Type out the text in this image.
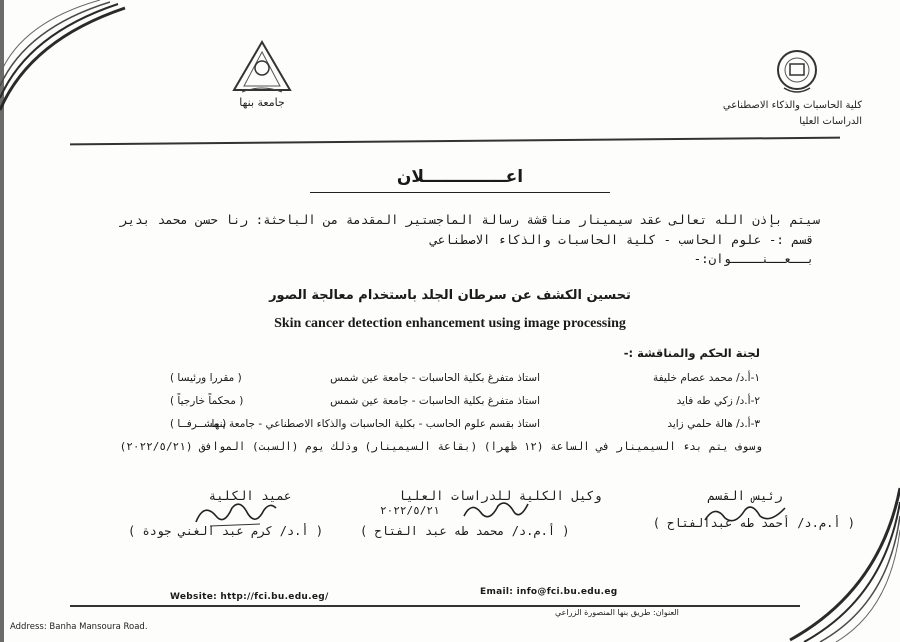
جامعة بنها	كلية الحاسبات والذكاء الاصطناعي
الدراسات العليا
اعــــــــــــــلان
سيتم بإذن الله تعالى عقد سيمينار مناقشة رسالة الماجستير المقدمة من الباحثة: رنا حسن محمد بدير
قسم :- علوم الحاسب - كلية الحاسبات والذكاء الاصطناعي
بــعــنــــوان:-
تحسين الكشف عن سرطان الجلد باستخدام معالجة الصور
Skin cancer detection enhancement using image processing
لجنة الحكم والمناقشة :-
١-أ.د/ محمد عصام خليفة
استاذ متفرغ بكلية الحاسبات - جامعة عين شمس
( مقررا ورئيسا )
٢-أ.د/ زكي طه فايد
استاذ متفرغ بكلية الحاسبات - جامعة عين شمس
( محكماً خارجياً )
٣-أ.د/ هالة حلمي زايد
استاذ بقسم علوم الحاسب - بكلية الحاسبات والذكاء الاصطناعي - جامعة بنها
( مشــرفــا )
وسوف يتم بدء السيمينار في الساعة (١٢ ظهرا) (بقاعة السيمينار) وذلك يوم (السبت) الموافق (٢٠٢٢/٥/٢١)
رئيس القسم
وكيل الكلية للدراسات العليا
عميد الكلية
٢٠٢٢/٥/٢١
( أ.م.د/ أحمد طه عبدالفتاح )
( أ.م.د/ محمد طه عبد الفتاح )
( أ.د/ كرم عبد الغني جودة )
Website: http://fci.bu.edu.eg/	Email: info@fci.bu.edu.eg
Address: Banha Mansoura Road.
العنوان: طريق بنها المنصورة الزراعي
